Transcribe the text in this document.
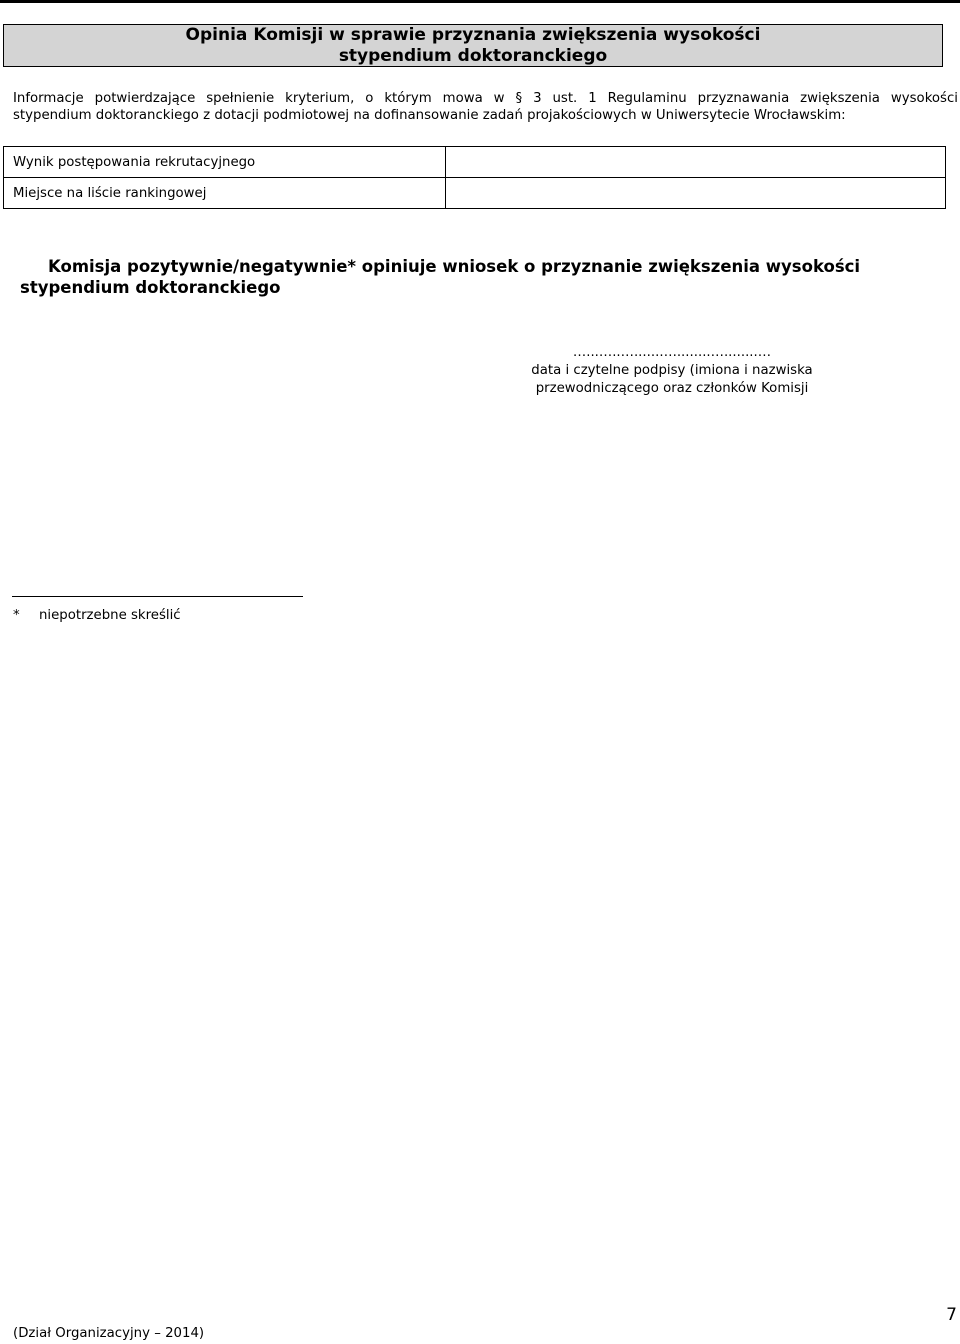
Opinia Komisji w sprawie przyznania zwiększenia wysokości
stypendium doktoranckiego

Informacje potwierdzające spełnienie kryterium, o którym mowa w § 3 ust. 1 Regulaminu przyznawania zwiększenia wysokości

stypendium doktoranckiego z dotacji podmiotowej na dofinansowanie zadań projakościowych w Uniwersytecie Wrocławskim:

Wynik postępowania rekrutacyjnego	
Miejsce na liście rankingowej	
Komisja pozytywnie/negatywnie* opiniuje wniosek o przyznanie zwiększenia wysokości
stypendium doktoranckiego
…...…..…......….........…........…
data i czytelne podpisy (imiona i nazwiska
przewodniczącego oraz członków Komisji
* niepotrzebne skreślić
(Dział Organizacyjny – 2014)
7
